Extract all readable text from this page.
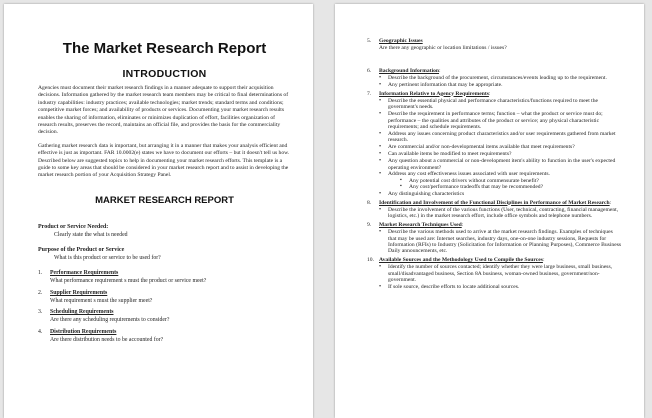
The Market Research Report
INTRODUCTION

Agencies must document their market research findings in a manner adequate to support their acquisition decisions. Information gathered by the market research team members may be critical to final determinations of industry capabilities: industry practices; available technologies; market trends; standard terms and conditions; competitive market forces; and availability of products or services. Documenting your market research results enables the sharing of information, eliminates or minimizes duplication of effort, facilities organization of research results, preserves the record, maintains an official file, and provides the basis for the commerciality decision.

Gathering market research data is important, but arranging it in a manner that makes your analysis efficient and effective is just as important. FAR 10.0002(e) states we have to document our efforts – but it doesn't tell us how. Described below are suggested topics to help in documenting your market research efforts. This template is a guide to some key areas that should be considered in your market research report and to assist in developing the market research portion of your Acquisition Strategy Panel.

MARKET RESEARCH REPORT
Product or Service Needed:
Clearly state the what is needed
Purpose of the Product or Service
What is this product or service to be used for?
1.	Performance Requirements
What performance requirement s must the product or service meet?
2.	Supplier Requirements
What requirement s must the supplier meet?
3.	Scheduling Requirements
Are there any scheduling requirements to consider?
4.	Distribution Requirements
Are there distribution needs to be accounted for?
5.	Geographic Issues
Are there any geographic or location limitations / issues?
6.	Background Information:
• Describe the background of the procurement, circumstances/events leading up to the requirement.
• Any pertinent information that may be appropriate.
7.	Information Relative to Agency Requirements:
• Describe the essential physical and performance characteristics/functions required to meet the government's needs.
• Describe the requirement in performance terms; function – what the product or service must do; performance – the qualities and attributes of the product or service; any physical characteristic requirements; and schedule requirements.
• Address any issues concerning product characteristics and/or user requirements gathered from market research.
• Are commercial and/or non-developmental items available that meet requirements?
• Can available items be modified to meet requirements?
• Any question about a commercial or non-development item's ability to function in the user's expected operating environment?
• Address any cost effectiveness issues associated with user requirements.
▪ Any potential cost drivers without commensurate benefit?
▪ Any cost/performance tradeoffs that may be recommended?
• Any distinguishing characteristics
8.	Identification and Involvement of the Functional Disciplines in Performance of Market Research:
• Describe the involvement of the various functions (User, technical, contracting, financial management, logistics, etc.) in the market research effort, include office symbols and telephone numbers.
9.	Market Research Techniques Used:
• Describe the various methods used to arrive at the market research findings. Examples of techniques that may be used are: Internet searches, industry days, one-on-one industry sessions, Requests for Information (RFIs) to Industry (Solicitation for Information or Planning Purposes), Commerce Business Daily announcements, etc.
10. Available Sources and the Methodology Used to Compile the Sources:
• Identify the number of sources contacted; identify whether they were large business, small business, small/disadvantaged business, Section 8A business, woman-owned business, government/non-government.
• If sole source, describe efforts to locate additional sources.
